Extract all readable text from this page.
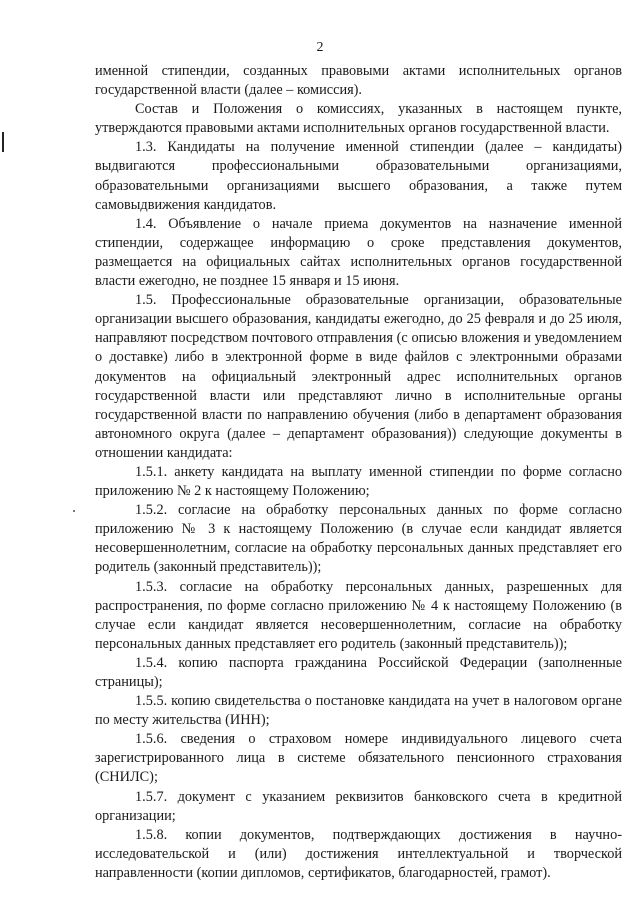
2

именной стипендии, созданных правовыми актами исполнительных органов государственной власти (далее – комиссия).

Состав и Положения о комиссиях, указанных в настоящем пункте, утверждаются правовыми актами исполнительных органов государственной власти.

1.3. Кандидаты на получение именной стипендии (далее – кандидаты) выдвигаются профессиональными образовательными организациями, образовательными организациями высшего образования, а также путем самовыдвижения кандидатов.

1.4. Объявление о начале приема документов на назначение именной стипендии, содержащее информацию о сроке представления документов, размещается на официальных сайтах исполнительных органов государственной власти ежегодно, не позднее 15 января и 15 июня.

1.5. Профессиональные образовательные организации, образовательные организации высшего образования, кандидаты ежегодно, до 25 февраля и до 25 июля, направляют посредством почтового отправления (с описью вложения и уведомлением о доставке) либо в электронной форме в виде файлов с электронными образами документов на официальный электронный адрес исполнительных органов государственной власти или представляют лично в исполнительные органы государственной власти по направлению обучения (либо в департамент образования автономного округа (далее – департамент образования)) следующие документы в отношении кандидата:

1.5.1. анкету кандидата на выплату именной стипендии по форме согласно приложению № 2 к настоящему Положению;

1.5.2. согласие на обработку персональных данных по форме согласно приложению № 3 к настоящему Положению (в случае если кандидат является несовершеннолетним, согласие на обработку персональных данных представляет его родитель (законный представитель));

1.5.3. согласие на обработку персональных данных, разрешенных для распространения, по форме согласно приложению № 4 к настоящему Положению (в случае если кандидат является несовершеннолетним, согласие на обработку персональных данных представляет его родитель (законный представитель));

1.5.4. копию паспорта гражданина Российской Федерации (заполненные страницы);

1.5.5. копию свидетельства о постановке кандидата на учет в налоговом органе по месту жительства (ИНН);

1.5.6. сведения о страховом номере индивидуального лицевого счета зарегистрированного лица в системе обязательного пенсионного страхования (СНИЛС);

1.5.7. документ с указанием реквизитов банковского счета в кредитной организации;

1.5.8. копии документов, подтверждающих достижения в научно-исследовательской и (или) достижения интеллектуальной и творческой направленности (копии дипломов, сертификатов, благодарностей, грамот).
